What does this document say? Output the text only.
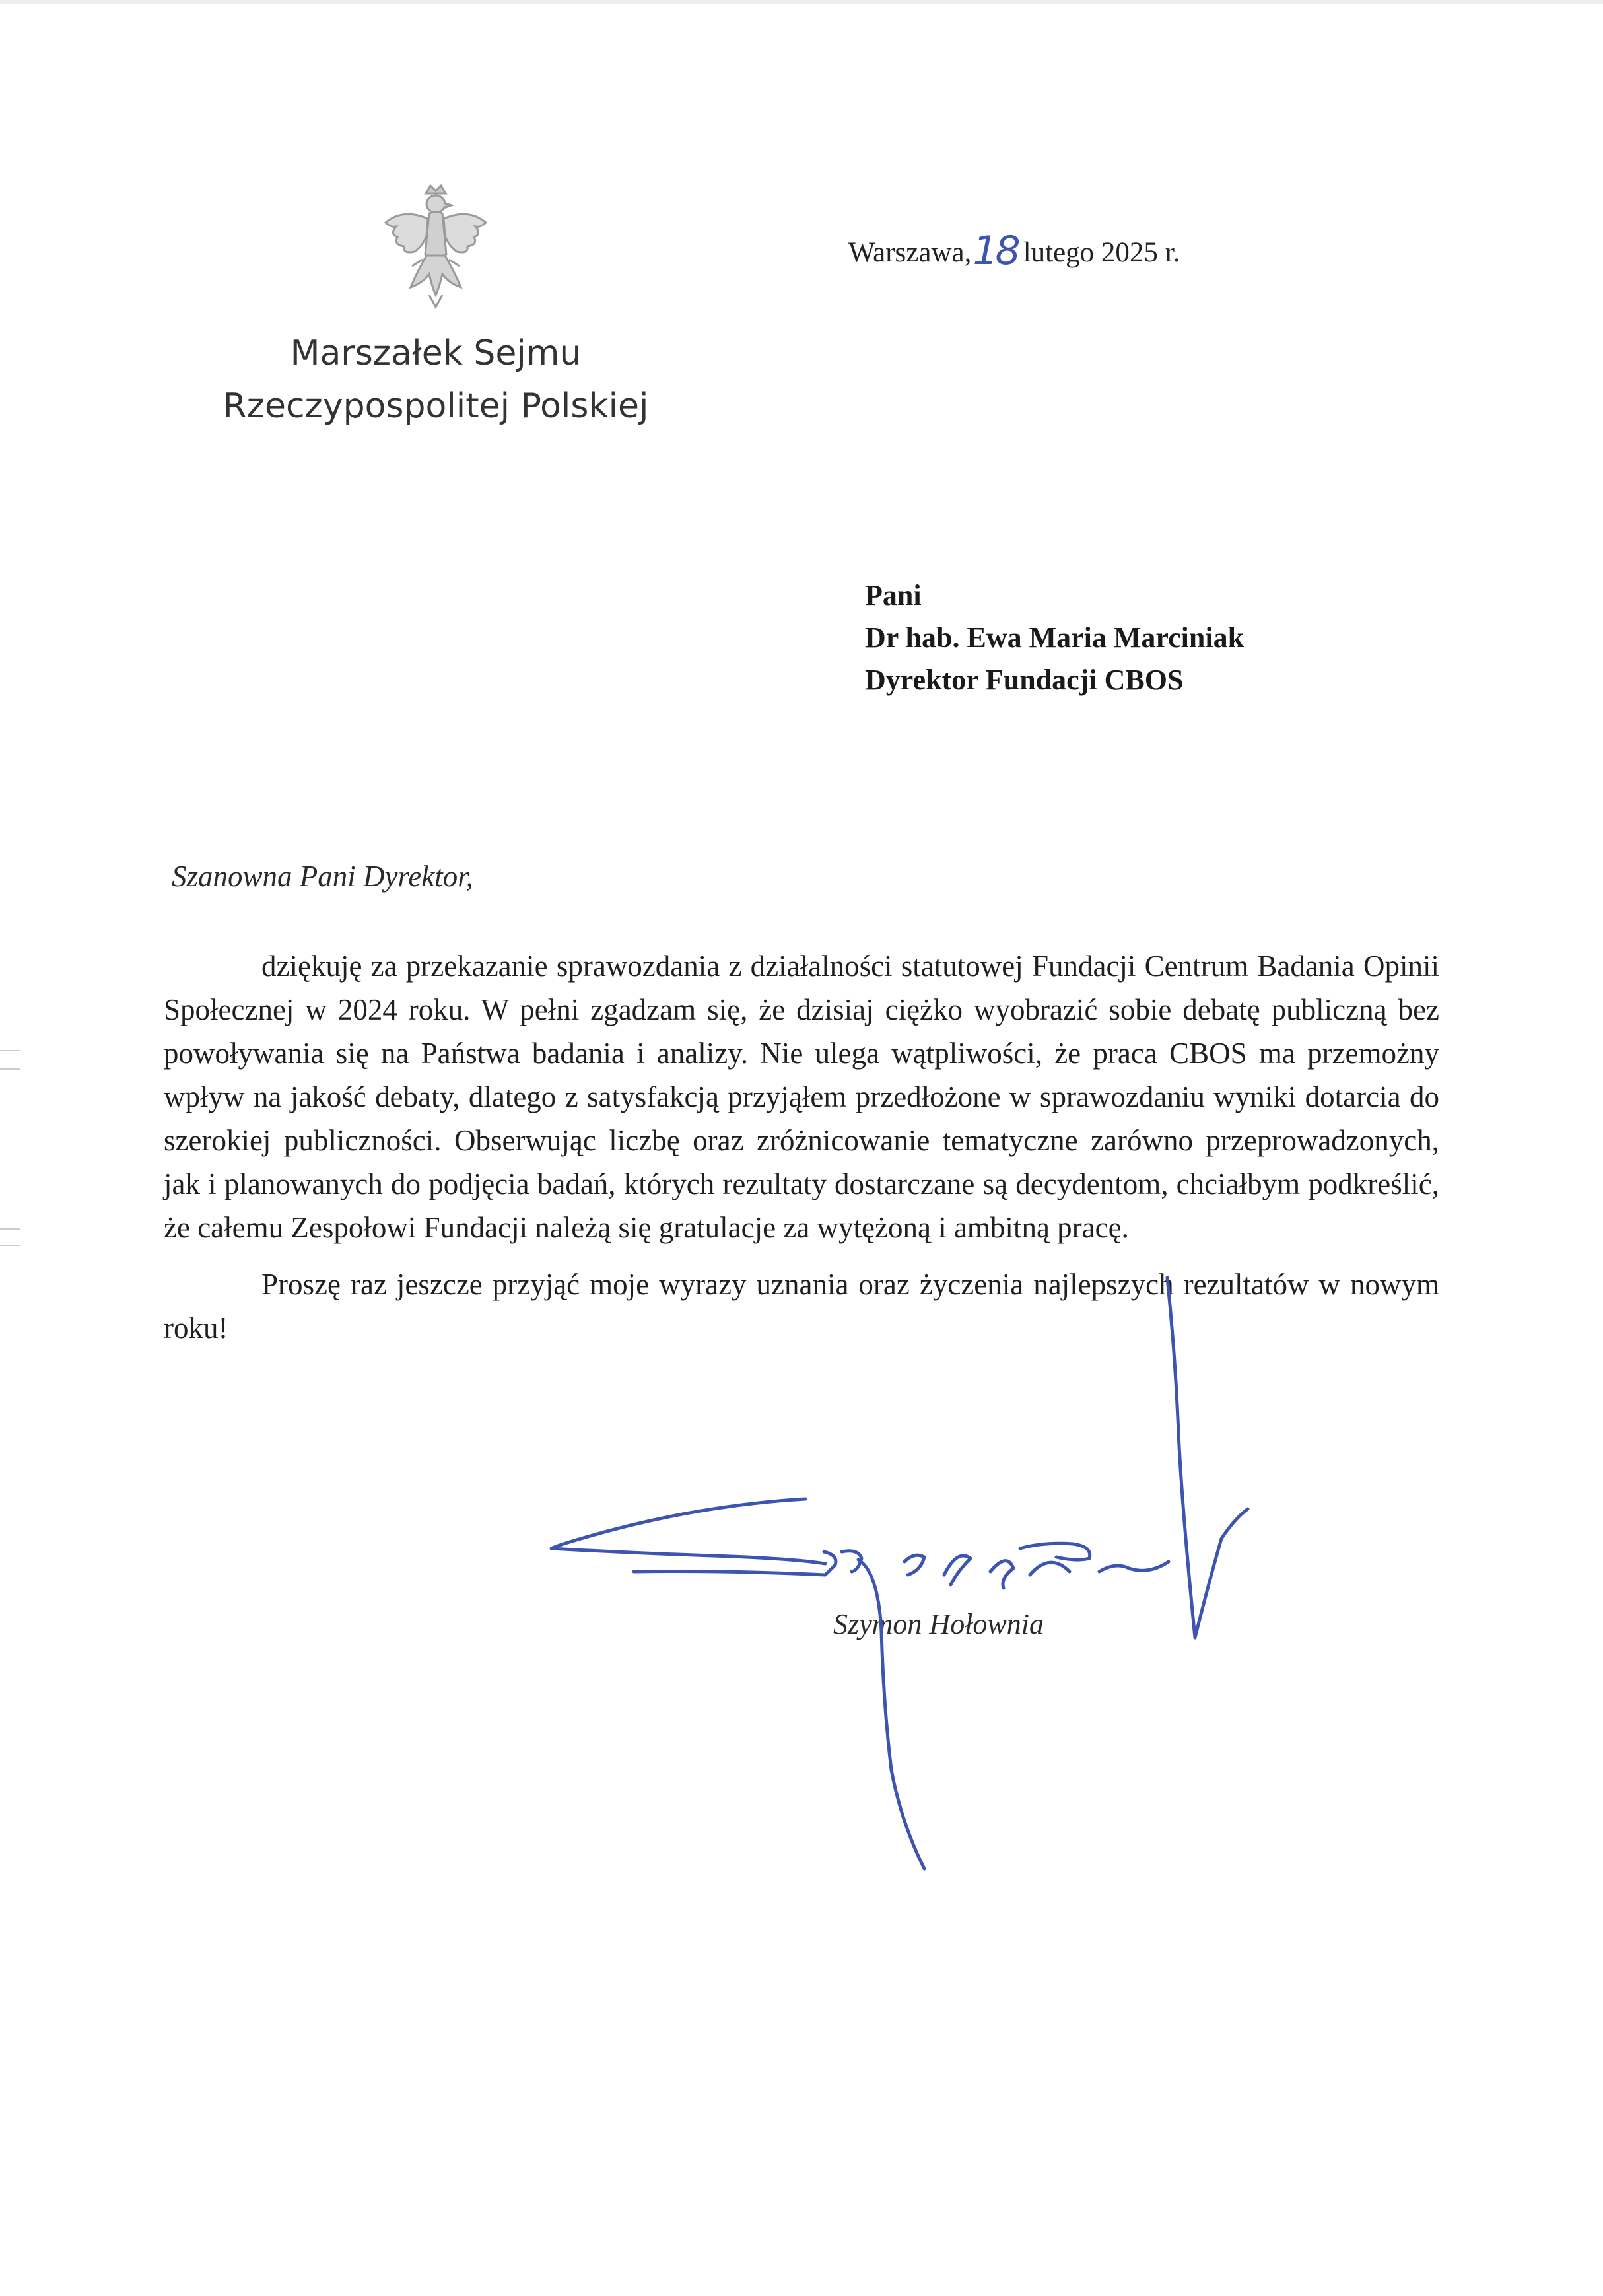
Marszałek Sejmu
Rzeczypospolitej Polskiej
Warszawa,18 lutego 2025 r.
Pani
Dr hab. Ewa Maria Marciniak
Dyrektor Fundacji CBOS
Szanowna Pani Dyrektor,

dziękuję za przekazanie sprawozdania z działalności statutowej Fundacji Centrum Badania Opinii Społecznej w 2024 roku. W pełni zgadzam się, że dzisiaj ciężko wyobrazić sobie debatę publiczną bez powoływania się na Państwa badania i analizy. Nie ulega wątpliwości, że praca CBOS ma przemożny wpływ na jakość debaty, dlatego z satysfakcją przyjąłem przedłożone w sprawozdaniu wyniki dotarcia do szerokiej publiczności. Obserwując liczbę oraz zróżnicowanie tematyczne zarówno przeprowadzonych, jak i planowanych do podjęcia badań, których rezultaty dostarczane są decydentom, chciałbym podkreślić, że całemu Zespołowi Fundacji należą się gratulacje za wytężoną i ambitną pracę.

Proszę raz jeszcze przyjąć moje wyrazy uznania oraz życzenia najlepszych rezultatów w nowym roku!

Szymon Hołownia
